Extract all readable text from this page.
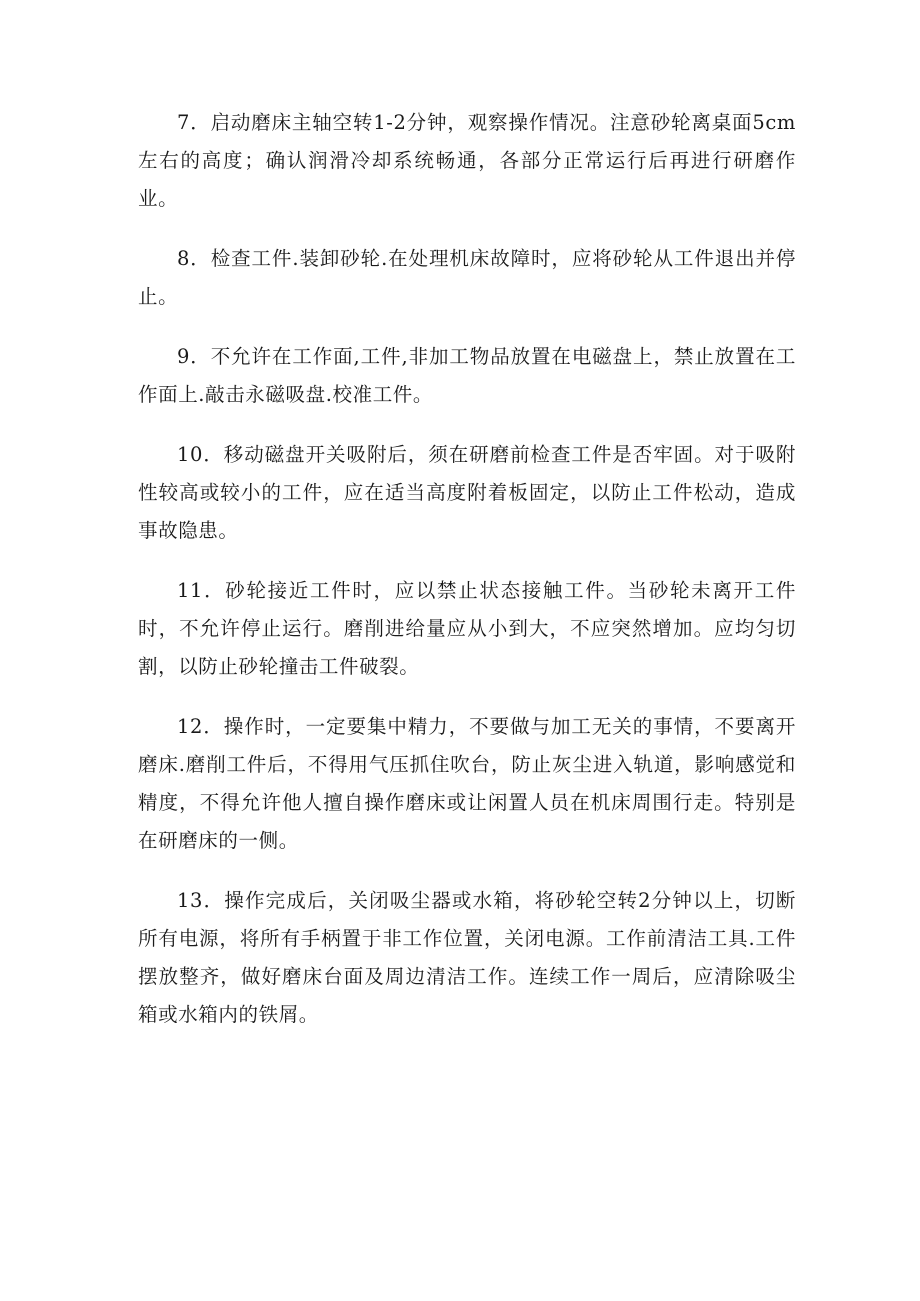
7．启动磨床主轴空转1-2分钟，观察操作情况。注意砂轮离桌面5cm左右的高度；确认润滑冷却系统畅通，各部分正常运行后再进行研磨作业。

8．检查工件.装卸砂轮.在处理机床故障时，应将砂轮从工件退出并停止。

9．不允许在工作面,工件,非加工物品放置在电磁盘上，禁止放置在工作面上.敲击永磁吸盘.校准工件。

10．移动磁盘开关吸附后，须在研磨前检查工件是否牢固。对于吸附性较高或较小的工件，应在适当高度附着板固定，以防止工件松动，造成事故隐患。

11．砂轮接近工件时，应以禁止状态接触工件。当砂轮未离开工件时，不允许停止运行。磨削进给量应从小到大，不应突然增加。应均匀切割，以防止砂轮撞击工件破裂。

12．操作时，一定要集中精力，不要做与加工无关的事情，不要离开磨床.磨削工件后，不得用气压抓住吹台，防止灰尘进入轨道，影响感觉和精度，不得允许他人擅自操作磨床或让闲置人员在机床周围行走。特别是在研磨床的一侧。

13．操作完成后，关闭吸尘器或水箱，将砂轮空转2分钟以上，切断所有电源，将所有手柄置于非工作位置，关闭电源。工作前清洁工具.工件摆放整齐，做好磨床台面及周边清洁工作。连续工作一周后，应清除吸尘箱或水箱内的铁屑。
